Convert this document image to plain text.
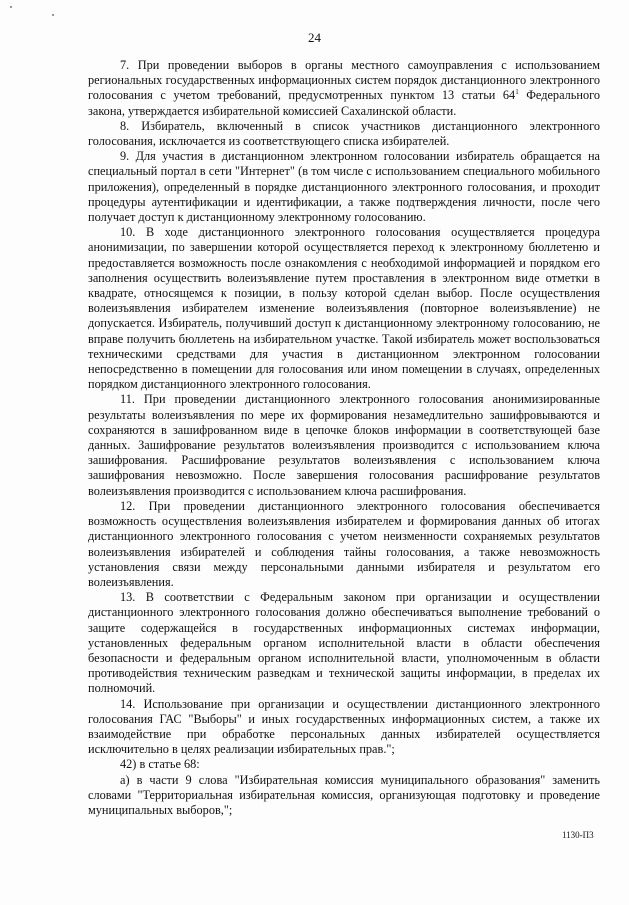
24

7. При проведении выборов в органы местного самоуправления с использованием региональных государственных информационных систем порядок дистанционного электронного голосования с учетом требований, предусмотренных пунктом 13 статьи $64^1$ Федерального закона, утверждается избирательной комиссией Сахалинской области.

8. Избиратель, включенный в список участников дистанционного электронного голосования, исключается из соответствующего списка избирателей.

9. Для участия в дистанционном электронном голосовании избиратель обращается на специальный портал в сети "Интернет" (в том числе с использованием специального мобильного приложения), определенный в порядке дистанционного электронного голосования, и проходит процедуры аутентификации и идентификации, а также подтверждения личности, после чего получает доступ к дистанционному электронному голосованию.

10. В ходе дистанционного электронного голосования осуществляется процедура анонимизации, по завершении которой осуществляется переход к электронному бюллетеню и предоставляется возможность после ознакомления с необходимой информацией и порядком его заполнения осуществить волеизъявление путем проставления в электронном виде отметки в квадрате, относящемся к позиции, в пользу которой сделан выбор. После осуществления волеизъявления избирателем изменение волеизъявления (повторное волеизъявление) не допускается. Избиратель, получивший доступ к дистанционному электронному голосованию, не вправе получить бюллетень на избирательном участке. Такой избиратель может воспользоваться техническими средствами для участия в дистанционном электронном голосовании непосредственно в помещении для голосования или ином помещении в случаях, определенных порядком дистанционного электронного голосования.

11. При проведении дистанционного электронного голосования анонимизированные результаты волеизъявления по мере их формирования незамедлительно зашифровываются и сохраняются в зашифрованном виде в цепочке блоков информации в соответствующей базе данных. Зашифрование результатов волеизъявления производится с использованием ключа зашифрования. Расшифрование результатов волеизъявления с использованием ключа зашифрования невозможно. После завершения голосования расшифрование результатов волеизъявления производится с использованием ключа расшифрования.

12. При проведении дистанционного электронного голосования обеспечивается возможность осуществления волеизъявления избирателем и формирования данных об итогах дистанционного электронного голосования с учетом неизменности сохраняемых результатов волеизъявления избирателей и соблюдения тайны голосования, а также невозможность установления связи между персональными данными избирателя и результатом его волеизъявления.

13. В соответствии с Федеральным законом при организации и осуществлении дистанционного электронного голосования должно обеспечиваться выполнение требований о защите содержащейся в государственных информационных системах информации, установленных федеральным органом исполнительной власти в области обеспечения безопасности и федеральным органом исполнительной власти, уполномоченным в области противодействия техническим разведкам и технической защиты информации, в пределах их полномочий.

14. Использование при организации и осуществлении дистанционного электронного голосования ГАС "Выборы" и иных государственных информационных систем, а также их взаимодействие при обработке персональных данных избирателей осуществляется исключительно в целях реализации избирательных прав.";

42) в статье 68:

а) в части 9 слова "Избирательная комиссия муниципального образования" заменить словами "Территориальная избирательная комиссия, организующая подготовку и проведение муниципальных выборов,";

1130-П3
